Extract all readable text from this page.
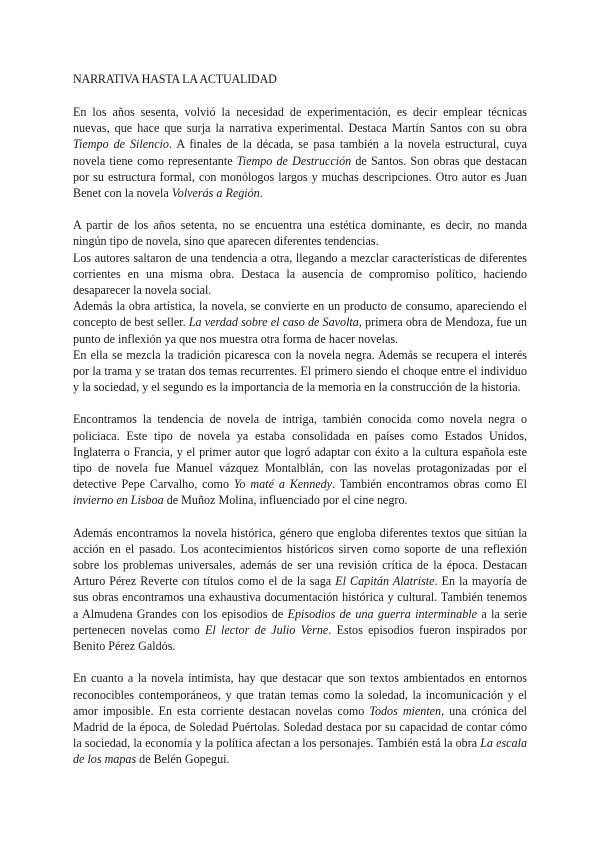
NARRATIVA HASTA LA ACTUALIDAD

En los años sesenta, volvió la necesidad de experimentación, es decir emplear técnicas nuevas, que hace que surja la narrativa experimental. Destaca Martín Santos con su obra Tiempo de Silencio. A finales de la década, se pasa también a la novela estructural, cuya novela tiene como representante Tiempo de Destrucción de Santos. Son obras que destacan por su estructura formal, con monólogos largos y muchas descripciones. Otro autor es Juan Benet con la novela Volverás a Región.

A partir de los años setenta, no se encuentra una estética dominante, es decir, no manda ningún tipo de novela, sino que aparecen diferentes tendencias.

Los autores saltaron de una tendencia a otra, llegando a mezclar características de diferentes corrientes en una misma obra. Destaca la ausencia de compromiso político, haciendo desaparecer la novela social.

Además la obra artística, la novela, se convierte en un producto de consumo, apareciendo el concepto de best seller. La verdad sobre el caso de Savolta, primera obra de Mendoza, fue un punto de inflexión ya que nos muestra otra forma de hacer novelas.

En ella se mezcla la tradición picaresca con la novela negra. Además se recupera el interés por la trama y se tratan dos temas recurrentes. El primero siendo el choque entre el individuo y la sociedad, y el segundo es la importancia de la memoria en la construcción de la historia.

Encontramos la tendencia de novela de intriga, también conocida como novela negra o policiaca. Este tipo de novela ya estaba consolidada en países como Estados Unidos, Inglaterra o Francia, y el primer autor que logró adaptar con éxito a la cultura española este tipo de novela fue Manuel vázquez Montalblán, con las novelas protagonizadas por el detective Pepe Carvalho, como Yo maté a Kennedy. También encontramos obras como El invierno en Lisboa de Muñoz Molina, influenciado por el cine negro.

Además encontramos la novela histórica, género que engloba diferentes textos que sitúan la acción en el pasado. Los acontecimientos históricos sirven como soporte de una reflexión sobre los problemas universales, además de ser una revisión crítica de la época. Destacan Arturo Pérez Reverte con títulos como el de la saga El Capitán Alatriste. En la mayoría de sus obras encontramos una exhaustiva documentación histórica y cultural. También tenemos a Almudena Grandes con los episodios de Episodios de una guerra interminable a la serie pertenecen novelas como El lector de Julio Verne. Estos episodios fueron inspirados por Benito Pérez Galdós.

En cuanto a la novela intimista, hay que destacar que son textos ambientados en entornos reconocibles contemporáneos, y que tratan temas como la soledad, la incomunicación y el amor imposible. En esta corriente destacan novelas como Todos mienten, una crónica del Madrid de la época, de Soledad Puértolas. Soledad destaca por su capacidad de contar cómo la sociedad, la economía y la política afectan a los personajes. También está la obra La escala de los mapas de Belén Gopegui.
